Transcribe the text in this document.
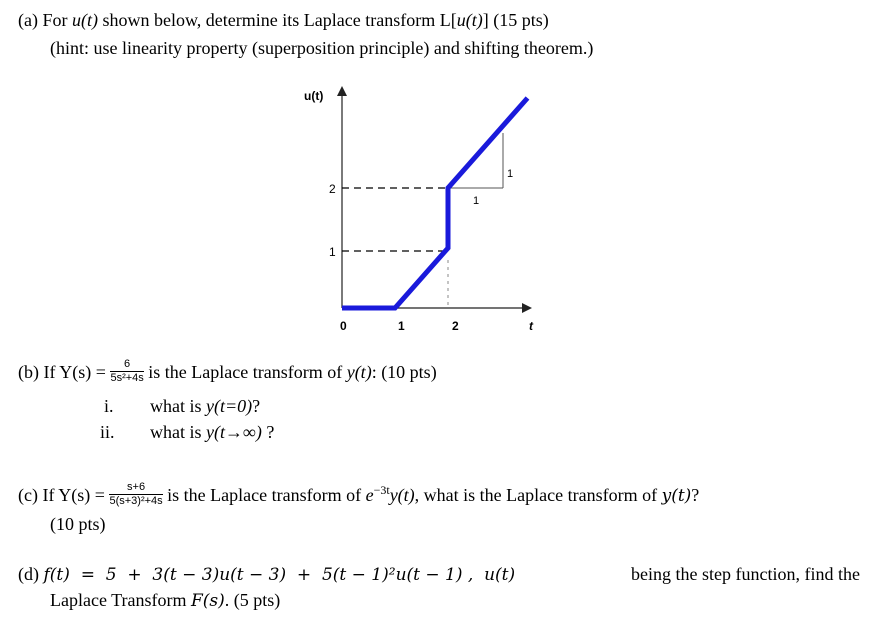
(a) For u(t) shown below, determine its Laplace transform L[u(t)] (15 pts)
(hint: use linearity property (superposition principle) and shifting theorem.)
u(t)
t
2
1
0	1	2
1
1
(b) If $Y(s) = \frac{6}{\text{5s²+4s}}$ is the Laplace transform of y(t): (10 pts)
i. what is y(t=0)?
ii. what is y(t→∞) ?
(c) If $Y(s) = \frac{s+6}{\text{5(s+3)²+4s}}$ is the Laplace transform of $e^{-3t}y(t)$, what is the Laplace transform of y(t)?
(10 pts)
(d) f(t)  =  5  +  3(t − 3)u(t − 3)  +  5(t − 1)²u(t − 1) ,  u(t)	being the step function, find the
Laplace Transform F(s). (5 pts)
